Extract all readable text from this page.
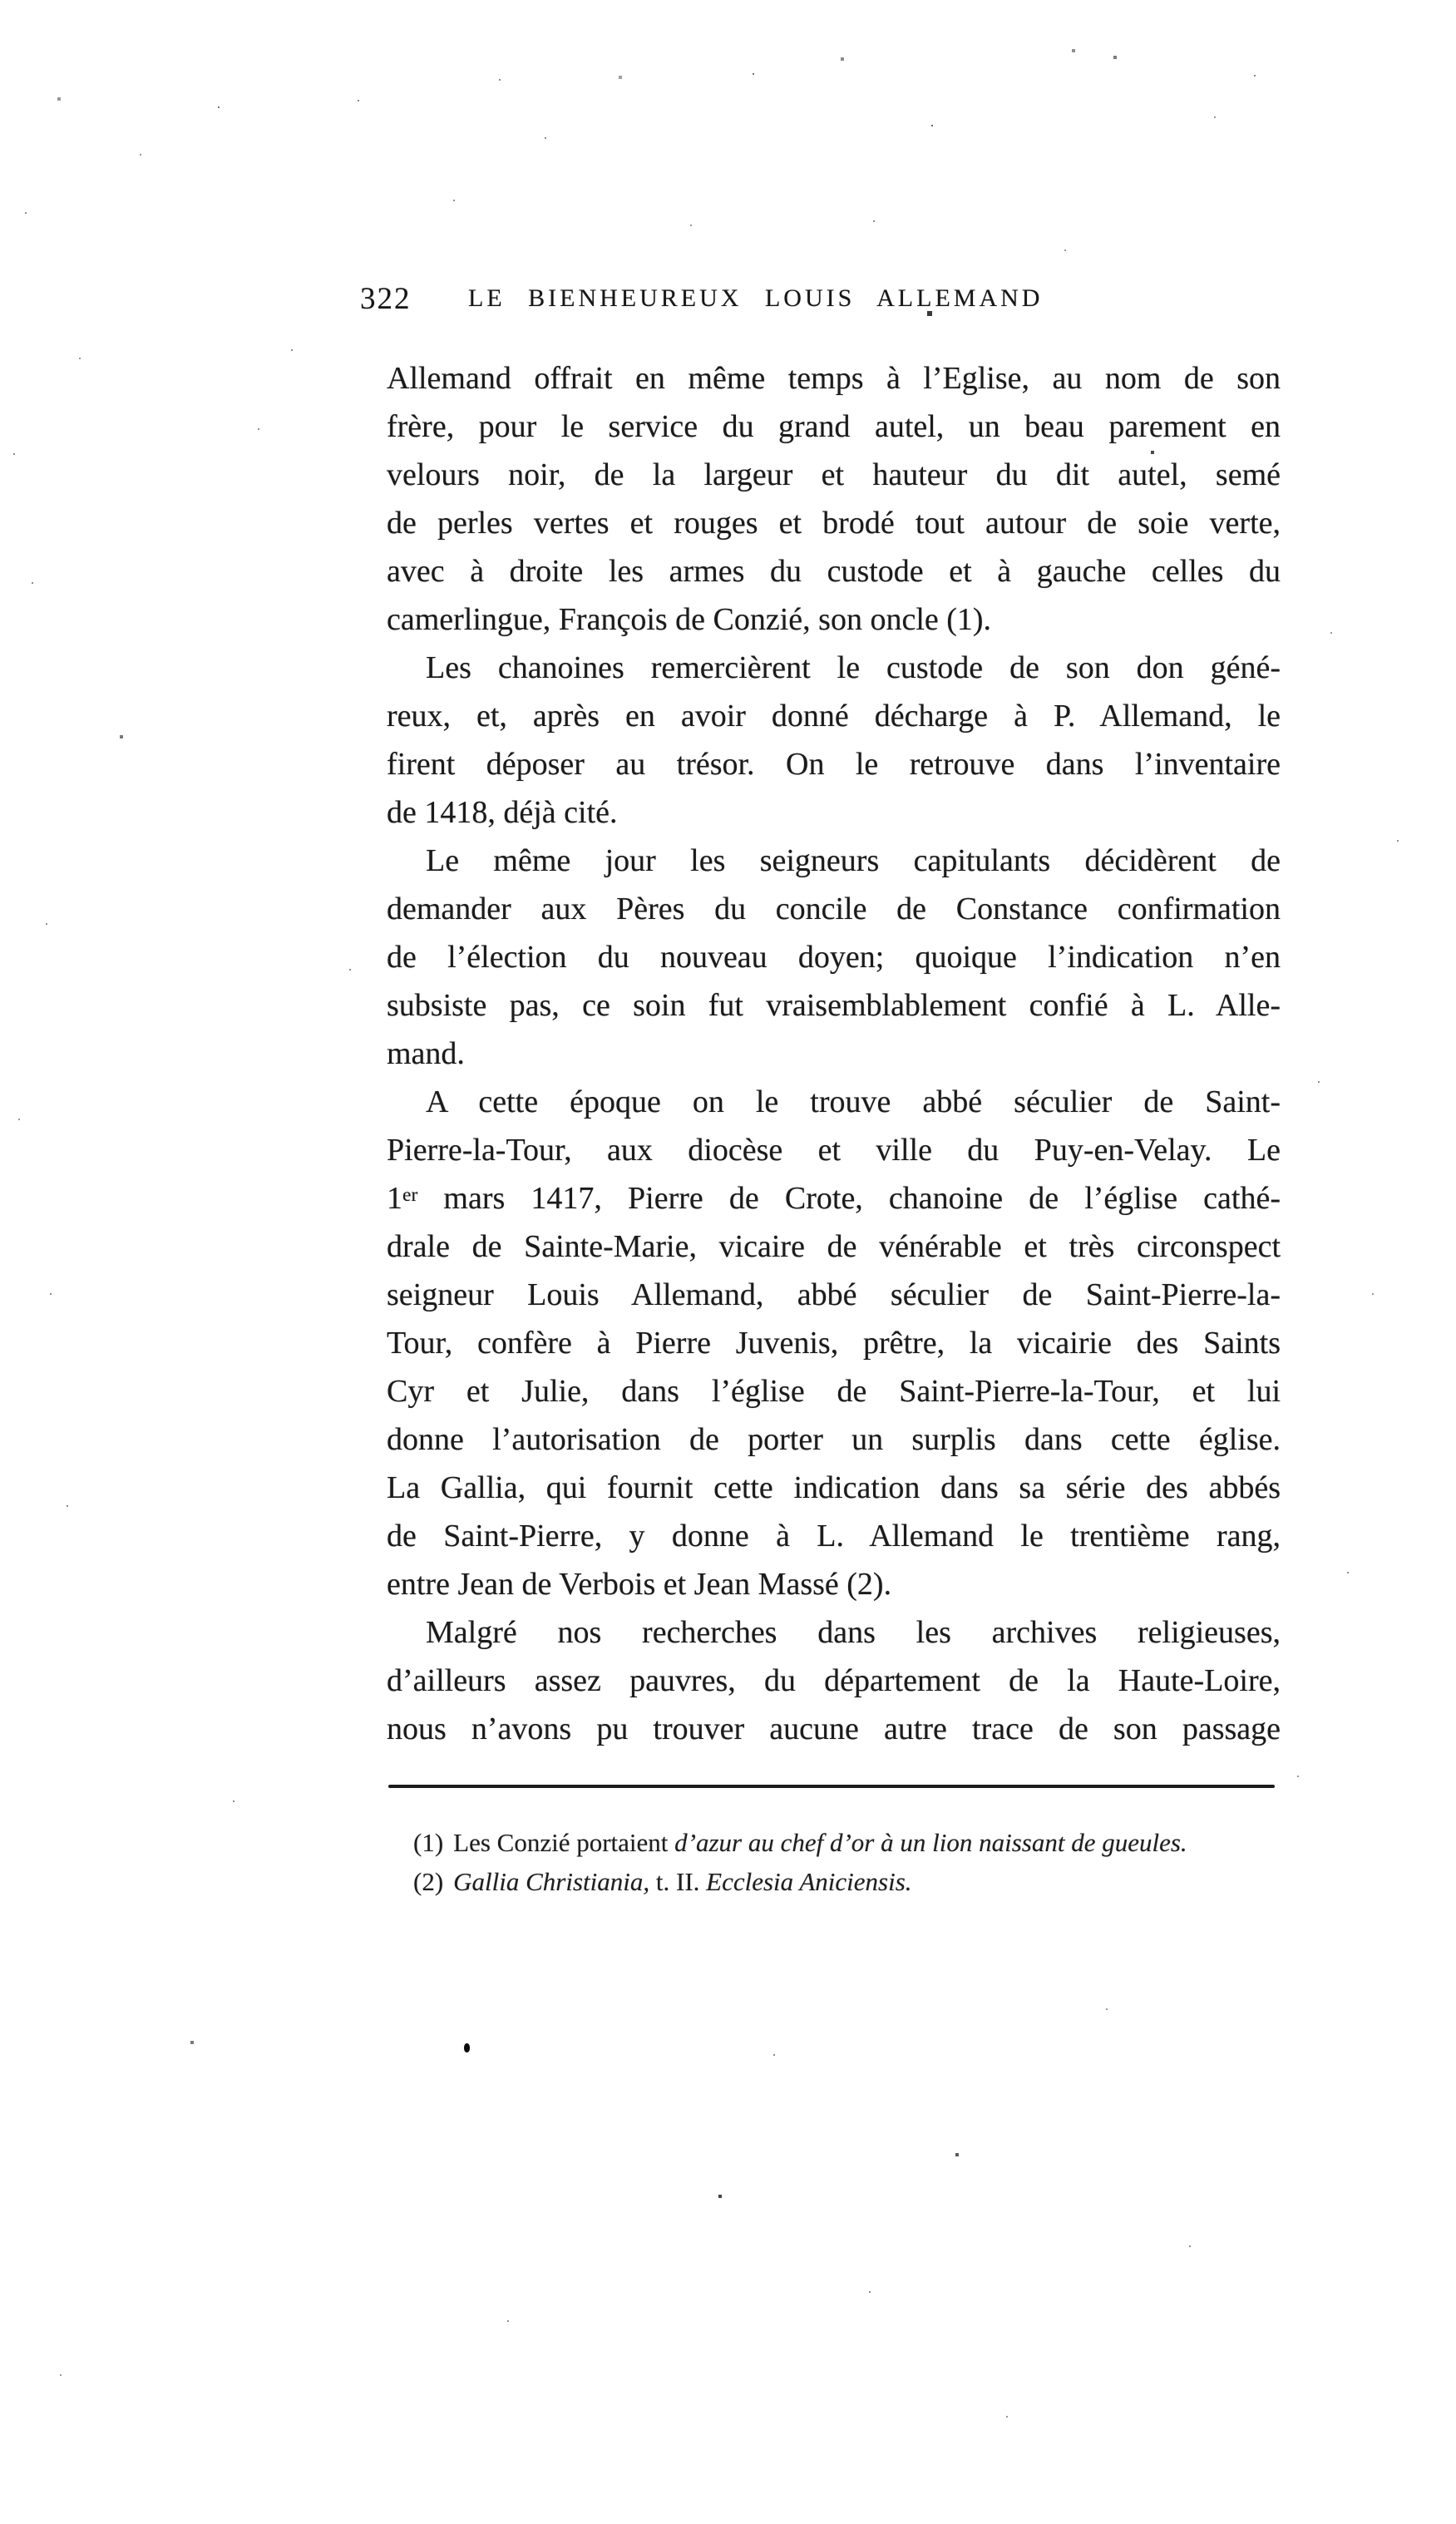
322 LE BIENHEUREUX LOUIS ALLEMAND
Allemand offrait en même temps à l’Eglise, au nom de son
frère, pour le service du grand autel, un beau parement en
velours noir, de la largeur et hauteur du dit autel, semé
de perles vertes et rouges et brodé tout autour de soie verte,
avec à droite les armes du custode et à gauche celles du
camerlingue, François de Conzié, son oncle (1).
Les chanoines remercièrent le custode de son don géné-
reux, et, après en avoir donné décharge à P. Allemand, le
firent déposer au trésor. On le retrouve dans l’inventaire
de 1418, déjà cité.
Le même jour les seigneurs capitulants décidèrent de
demander aux Pères du concile de Constance confirmation
de l’élection du nouveau doyen; quoique l’indication n’en
subsiste pas, ce soin fut vraisemblablement confié à L. Alle-
mand.
A cette époque on le trouve abbé séculier de Saint-
Pierre-la-Tour, aux diocèse et ville du Puy-en-Velay. Le
1er mars 1417, Pierre de Crote, chanoine de l’église cathé-
drale de Sainte-Marie, vicaire de vénérable et très circonspect
seigneur Louis Allemand, abbé séculier de Saint-Pierre-la-
Tour, confère à Pierre Juvenis, prêtre, la vicairie des Saints
Cyr et Julie, dans l’église de Saint-Pierre-la-Tour, et lui
donne l’autorisation de porter un surplis dans cette église.
La Gallia, qui fournit cette indication dans sa série des abbés
de Saint-Pierre, y donne à L. Allemand le trentième rang,
entre Jean de Verbois et Jean Massé (2).
Malgré nos recherches dans les archives religieuses,
d’ailleurs assez pauvres, du département de la Haute-Loire,
nous n’avons pu trouver aucune autre trace de son passage
(1) Les Conzié portaient d’azur au chef d’or à un lion naissant de gueules.
(2) Gallia Christiania, t. II. Ecclesia Aniciensis.
